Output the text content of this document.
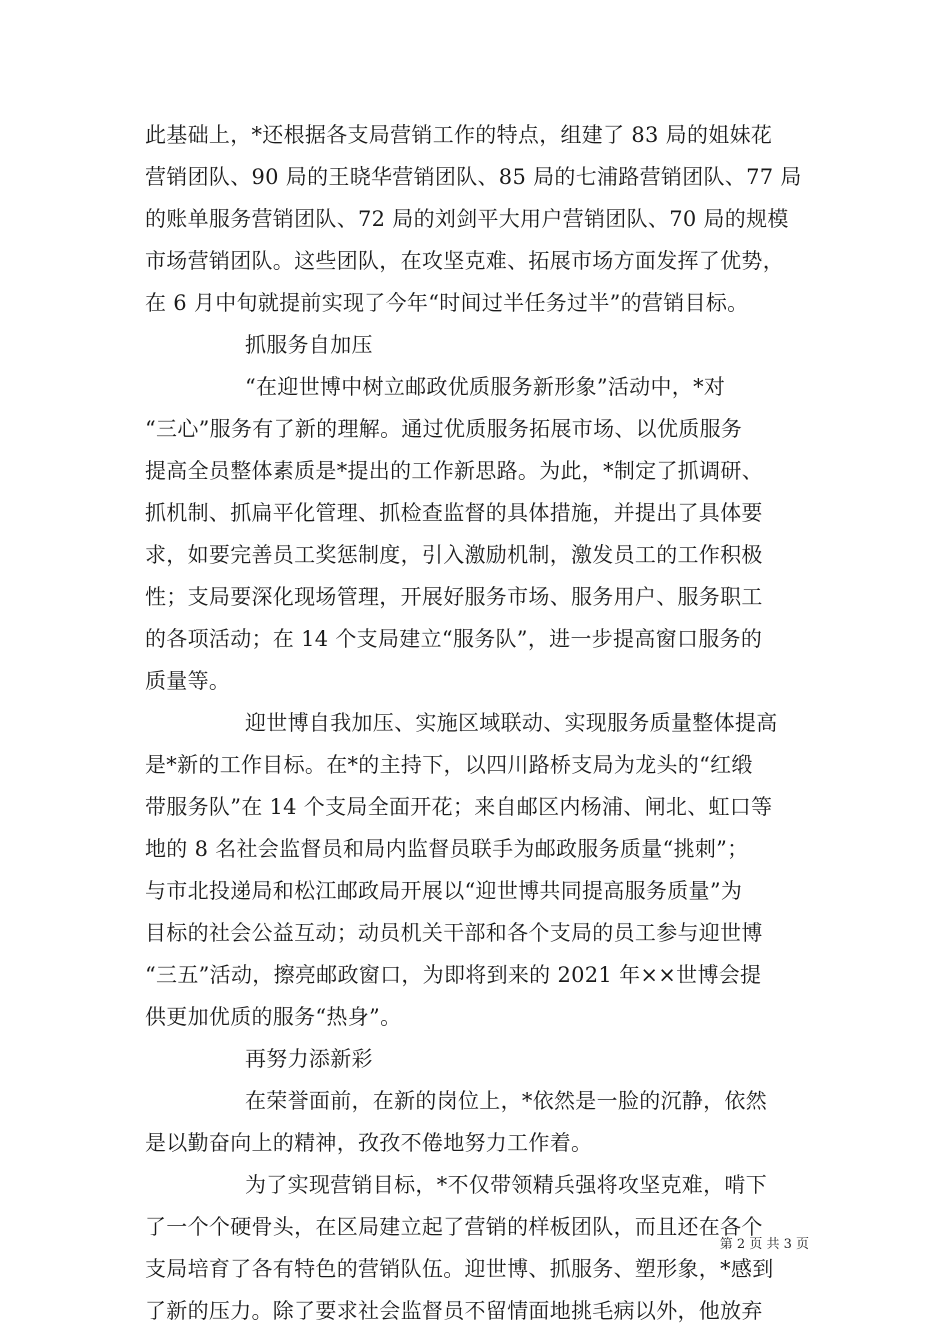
此基础上，*还根据各支局营销工作的特点，组建了 83 局的姐妹花
营销团队、90 局的王晓华营销团队、85 局的七浦路营销团队、77 局
的账单服务营销团队、72 局的刘剑平大用户营销团队、70 局的规模
市场营销团队。这些团队，在攻坚克难、拓展市场方面发挥了优势，
在 6 月中旬就提前实现了今年“时间过半任务过半”的营销目标。
抓服务自加压
“在迎世博中树立邮政优质服务新形象”活动中，*对
“三心”服务有了新的理解。通过优质服务拓展市场、以优质服务
提高全员整体素质是*提出的工作新思路。为此，*制定了抓调研、
抓机制、抓扁平化管理、抓检查监督的具体措施，并提出了具体要
求，如要完善员工奖惩制度，引入激励机制，激发员工的工作积极
性；支局要深化现场管理，开展好服务市场、服务用户、服务职工
的各项活动；在 14 个支局建立“服务队”，进一步提高窗口服务的
质量等。
迎世博自我加压、实施区域联动、实现服务质量整体提高
是*新的工作目标。在*的主持下，以四川路桥支局为龙头的“红缎
带服务队”在 14 个支局全面开花；来自邮区内杨浦、闸北、虹口等
地的 8 名社会监督员和局内监督员联手为邮政服务质量“挑刺”；
与市北投递局和松江邮政局开展以“迎世博共同提高服务质量”为
目标的社会公益互动；动员机关干部和各个支局的员工参与迎世博
“三五”活动，擦亮邮政窗口，为即将到来的 2021 年××世博会提
供更加优质的服务“热身”。
再努力添新彩
在荣誉面前，在新的岗位上，*依然是一脸的沉静，依然
是以勤奋向上的精神，孜孜不倦地努力工作着。
为了实现营销目标，*不仅带领精兵强将攻坚克难，啃下
了一个个硬骨头，在区局建立起了营销的样板团队，而且还在各个
支局培育了各有特色的营销队伍。迎世博、抓服务、塑形象，*感到
了新的压力。除了要求社会监督员不留情面地挑毛病以外，他放弃
第 2 页 共 3 页
